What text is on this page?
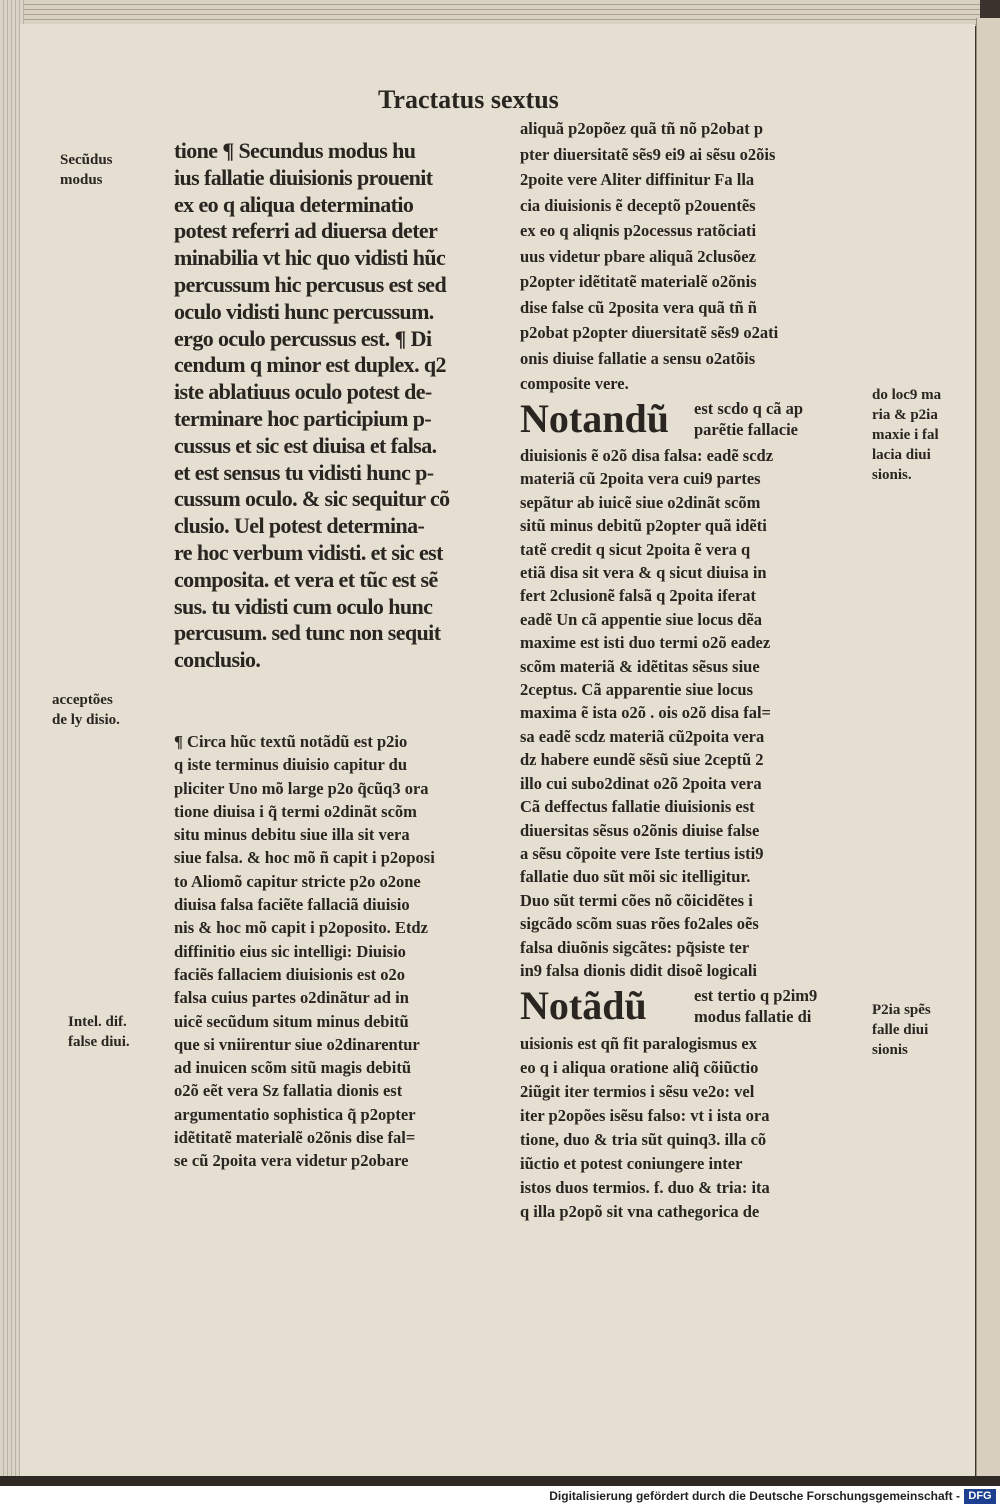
Tractatus sextus
Secũdus
modus
acceptões
de ly disio.
Intel. dif.
false diui.
do loc9 ma
ria & p2ia
maxie i fal
lacia diui
sionis.
P2ia spẽs
falle diui
sionis
tione ¶ Secundus modus hu
ius fallatie diuisionis prouenit
ex eo q aliqua determinatio
potest referri ad diuersa deter
minabilia vt hic quo vidisti hũc
percussum hic percusus est sed
oculo vidisti hunc percussum.
ergo oculo percussus est. ¶ Di
cendum q minor est duplex. q2
iste ablatiuus oculo potest de-
terminare hoc participium p-
cussus et sic est diuisa et falsa.
et est sensus tu vidisti hunc p-
cussum oculo. & sic sequitur cõ
clusio. Uel potest determina-
re hoc verbum vidisti. et sic est
composita. et vera et tũc est sẽ
sus. tu vidisti cum oculo hunc
percusum. sed tunc non sequit
conclusio.
¶ Circa hũc textũ notãdũ est p2io
q iste terminus diuisio capitur du
pliciter Uno mõ large p2o q̃cũq3 ora
tione diuisa i q̃ termi o2dinãt scõm
situ minus debitu siue illa sit vera
siue falsa. & hoc mõ ñ capit i p2oposi
to Aliomõ capitur stricte p2o o2one
diuisa falsa faciẽte fallaciã diuisio
nis & hoc mõ capit i p2oposito. Etdz
diffinitio eius sic intelligi: Diuisio
faciẽs fallaciem diuisionis est o2o
falsa cuius partes o2dinãtur ad in
uicẽ secũdum situm minus debitũ
que si vniirentur siue o2dinarentur
ad inuicen scõm sitũ magis debitũ
o2õ eẽt vera Sz fallatia dionis est
argumentatio sophistica q̃ p2opter
idẽtitatẽ materialẽ o2õnis dise fal=
se cũ 2poita vera videtur p2obare
aliquã p2opõez quã tñ nõ p2obat p
pter diuersitatẽ sẽs9 ei9 ai sẽsu o2õis
2poite vere Aliter diffinitur Fa lla
cia diuisionis ẽ deceptõ p2ouentẽs
ex eo q aliqnis p2ocessus ratõciati
uus videtur pbare aliquã 2clusõez
p2opter idẽtitatẽ materialẽ o2õnis
dise false cũ 2posita vera quã tñ ñ
p2obat p2opter diuersitatẽ sẽs9 o2ati
onis diuise fallatie a sensu o2atõis
composite vere.
Notandũ est scdo q cã ap
parẽtie fallacie
diuisionis ẽ o2õ disa falsa: eadẽ scdz
materiã cũ 2poita vera cui9 partes
sepãtur ab iuicẽ siue o2dinãt scõm
sitũ minus debitũ p2opter quã idẽti
tatẽ credit q sicut 2poita ẽ vera q
etiã disa sit vera & q sicut diuisa in
fert 2clusionẽ falsã q 2poita iferat
eadẽ Un cã appentie siue locus dẽa
maxime est isti duo termi o2õ eadez
scõm materiã & idẽtitas sẽsus siue
2ceptus. Cã apparentie siue locus
maxima ẽ ista o2õ . ois o2õ disa fal=
sa eadẽ scdz materiã cũ2poita vera
dz habere eundẽ sẽsũ siue 2ceptũ 2
illo cui subo2dinat o2õ 2poita vera
Cã deffectus fallatie diuisionis est
diuersitas sẽsus o2õnis diuise false
a sẽsu cõpoite vere Iste tertius isti9
fallatie duo sũt mõi sic itelligitur.
Duo sũt termi cões nõ cõicidẽtes i
sigcãdo scõm suas rões fo2ales oẽs
falsa diuõnis sigcãtes: pq̃siste ter
in9 falsa dionis didit disoẽ logicali
Notãdũ	est tertio q p2im9
modus fallatie di
uisionis est qñ fit paralogismus ex
eo q i aliqua oratione aliq̃ cõiũctio
2iũgit iter termios i sẽsu ve2o: vel
iter p2opões isẽsu falso: vt i ista ora
tione, duo & tria sũt quinq3. illa cõ
iũctio et potest coniungere inter
istos duos termios. f. duo & tria: ita
q illa p2opõ sit vna cathegorica de
Digitalisierung gefördert durch die Deutsche Forschungsgemeinschaft - DFG
